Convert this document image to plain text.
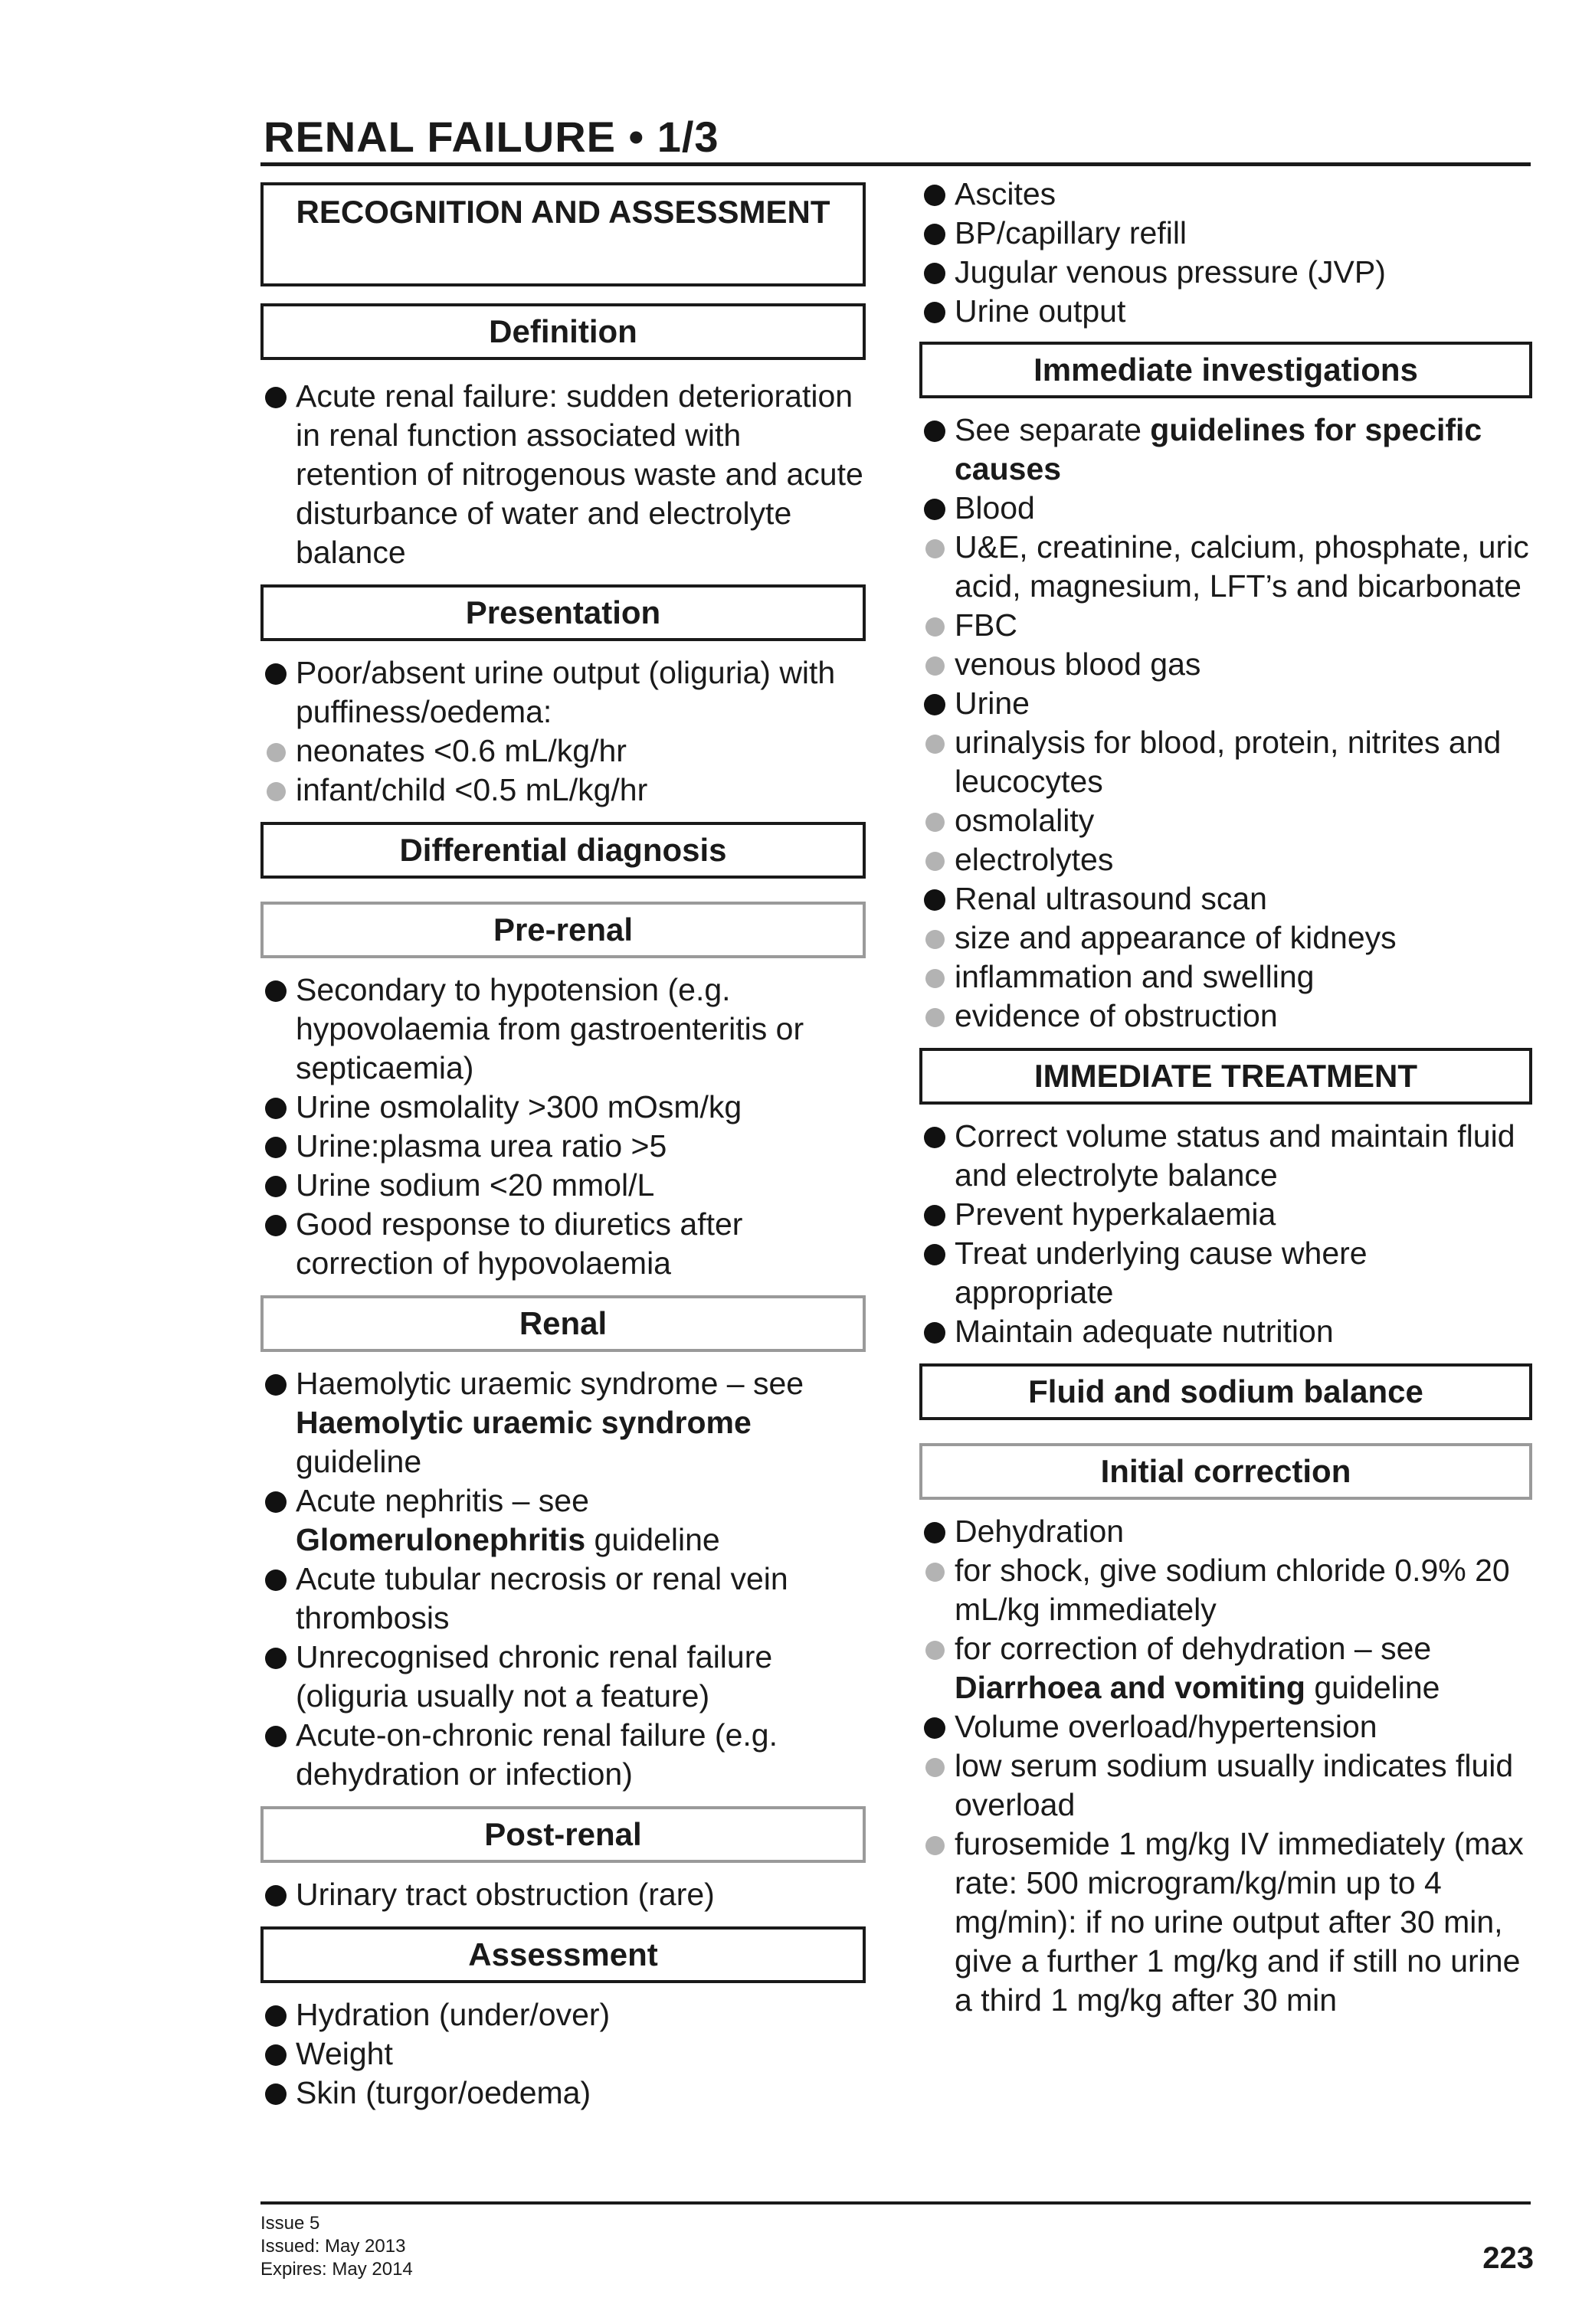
RENAL FAILURE • 1/3
RECOGNITION AND ASSESSMENT
Definition
Acute renal failure: sudden deterioration in renal function associated with retention of nitrogenous waste and acute disturbance of water and electrolyte balance
Presentation
Poor/absent urine output (oliguria) with puffiness/oedema:
neonates <0.6 mL/kg/hr
infant/child <0.5 mL/kg/hr
Differential diagnosis
Pre-renal
Secondary to hypotension (e.g. hypovolaemia from gastroenteritis or septicaemia)
Urine osmolality >300 mOsm/kg
Urine:plasma urea ratio >5
Urine sodium <20 mmol/L
Good response to diuretics after correction of hypovolaemia
Renal
Haemolytic uraemic syndrome – see Haemolytic uraemic syndrome guideline
Acute nephritis – see Glomerulonephritis guideline
Acute tubular necrosis or renal vein thrombosis
Unrecognised chronic renal failure (oliguria usually not a feature)
Acute-on-chronic renal failure (e.g. dehydration or infection)
Post-renal
Urinary tract obstruction (rare)
Assessment
Hydration (under/over)
Weight
Skin (turgor/oedema)
Ascites
BP/capillary refill
Jugular venous pressure (JVP)
Urine output
Immediate investigations
See separate guidelines for specific causes
Blood
U&E, creatinine, calcium, phosphate, uric acid, magnesium, LFT’s and bicarbonate
FBC
venous blood gas
Urine
urinalysis for blood, protein, nitrites and leucocytes
osmolality
electrolytes
Renal ultrasound scan
size and appearance of kidneys
inflammation and swelling
evidence of obstruction
IMMEDIATE TREATMENT
Correct volume status and maintain fluid and electrolyte balance
Prevent hyperkalaemia
Treat underlying cause where appropriate
Maintain adequate nutrition
Fluid and sodium balance
Initial correction
Dehydration
for shock, give sodium chloride 0.9% 20 mL/kg immediately
for correction of dehydration – see Diarrhoea and vomiting guideline
Volume overload/hypertension
low serum sodium usually indicates fluid overload
furosemide 1 mg/kg IV immediately (max rate: 500 microgram/kg/min up to 4 mg/min): if no urine output after 30 min, give a further 1 mg/kg and if still no urine a third 1 mg/kg after 30 min
Issue 5
Issued: May 2013
Expires: May 2014	223
